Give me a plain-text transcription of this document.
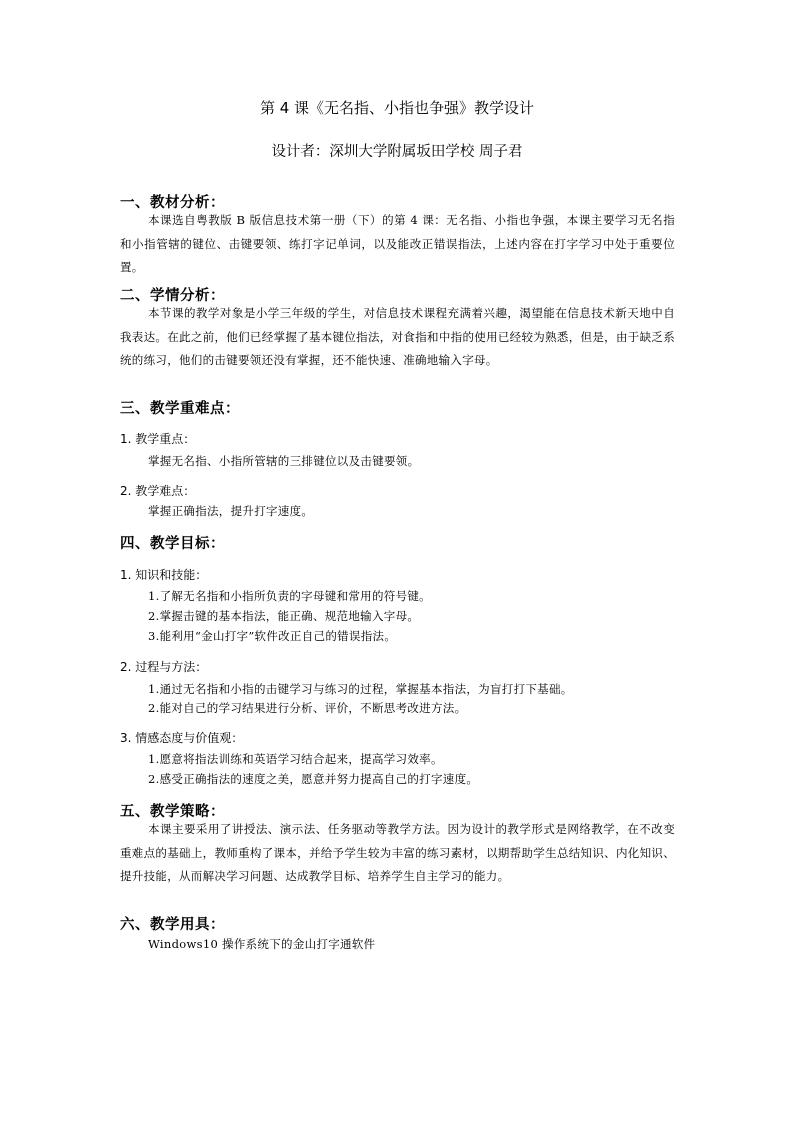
第 4 课《无名指、小指也争强》教学设计
设计者：深圳大学附属坂田学校 周子君
一、教材分析：
本课选自粤教版 B 版信息技术第一册（下）的第 4 课：无名指、小指也争强，本课主要学习无名指和小指管辖的键位、击键要领、练打字记单词，以及能改正错误指法，上述内容在打字学习中处于重要位置。
二、学情分析：
本节课的教学对象是小学三年级的学生，对信息技术课程充满着兴趣，渴望能在信息技术新天地中自我表达。在此之前，他们已经掌握了基本键位指法，对食指和中指的使用已经较为熟悉，但是，由于缺乏系统的练习，他们的击键要领还没有掌握，还不能快速、准确地输入字母。
三、教学重难点：
1. 教学重点：
掌握无名指、小指所管辖的三排键位以及击键要领。
2. 教学难点：
掌握正确指法，提升打字速度。
四、教学目标：
1. 知识和技能：
1.了解无名指和小指所负责的字母键和常用的符号键。
2.掌握击键的基本指法，能正确、规范地输入字母。
3.能利用“金山打字”软件改正自己的错误指法。
2. 过程与方法：
1.通过无名指和小指的击键学习与练习的过程，掌握基本指法，为盲打打下基础。
2.能对自己的学习结果进行分析、评价，不断思考改进方法。
3. 情感态度与价值观：
1.愿意将指法训练和英语学习结合起来，提高学习效率。
2.感受正确指法的速度之美，愿意并努力提高自己的打字速度。
五、教学策略：
本课主要采用了讲授法、演示法、任务驱动等教学方法。因为设计的教学形式是网络教学，在不改变重难点的基础上，教师重构了课本，并给予学生较为丰富的练习素材，以期帮助学生总结知识、内化知识、提升技能，从而解决学习问题、达成教学目标、培养学生自主学习的能力。
六、教学用具：
Windows10 操作系统下的金山打字通软件
